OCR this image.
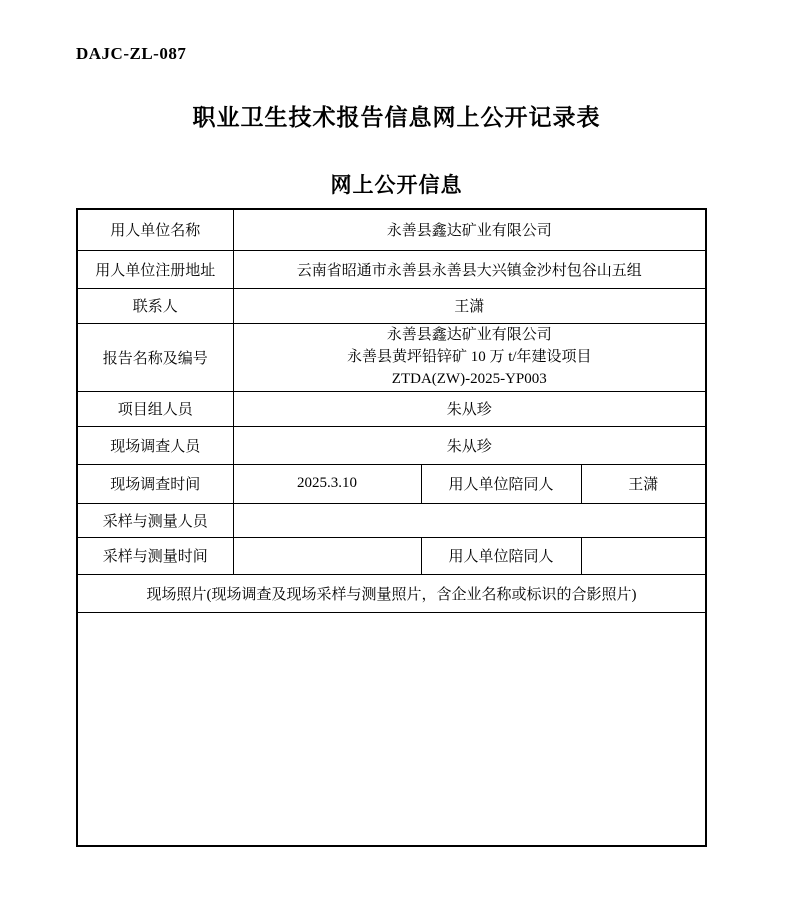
DAJC-ZL-087
职业卫生技术报告信息网上公开记录表
网上公开信息
用人单位名称	永善县鑫达矿业有限公司		
用人单位注册地址	云南省昭通市永善县永善县大兴镇金沙村包谷山五组		
联系人	王潇		
报告名称及编号	永善县鑫达矿业有限公司
永善县黄坪铅锌矿 10 万 t/年建设项目
ZTDA(ZW)-2025-YP003		

项目组人员	朱从珍		
现场调查人员	朱从珍		
现场调查时间	2025.3.10	用人单位陪同人	王潇
采样与测量人员			
采样与测量时间		用人单位陪同人	
现场照片(现场调查及现场采样与测量照片，含企业名称或标识的合影照片)			
